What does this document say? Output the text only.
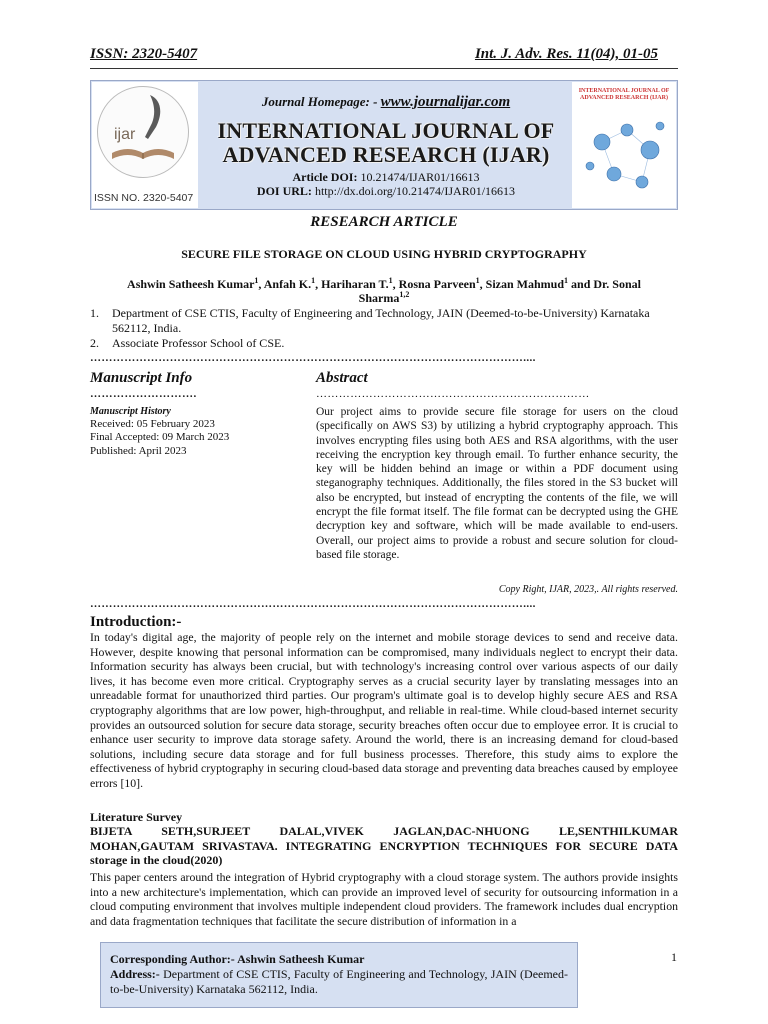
ISSN: 2320-5407	Int. J. Adv. Res. 11(04), 01-05
ijar
ISSN NO. 2320-5407
Journal Homepage: - www.journalijar.com
INTERNATIONAL JOURNAL OF
ADVANCED RESEARCH (IJAR)
Article DOI: 10.21474/IJAR01/16613
DOI URL: http://dx.doi.org/10.21474/IJAR01/16613
INTERNATIONAL JOURNAL OF ADVANCED RESEARCH (IJAR)
RESEARCH ARTICLE
SECURE FILE STORAGE ON CLOUD USING HYBRID CRYPTOGRAPHY
Ashwin Satheesh Kumar$^1$, Anfah K.$^1$, Hariharan T.$^1$, Rosna Parveen$^1$, Sizan Mahmud$^1$ and Dr. Sonal
Sharma$^{1,2}$
1. Department of CSE CTIS, Faculty of Engineering and Technology, JAIN (Deemed-to-be-University) Karnataka 562112, India.
2. Associate Professor School of CSE.
……………………………………………………………………………………………………....
Manuscript Info	Abstract
……………………….	………………………………………………………………
Manuscript History
Received: 05 February 2023
Final Accepted: 09 March 2023
Published: April 2023
Our project aims to provide secure file storage for users on the cloud (specifically on AWS S3) by utilizing a hybrid cryptography approach. This involves encrypting files using both AES and RSA algorithms, with the user receiving the encryption key through email. To further enhance security, the key will be hidden behind an image or within a PDF document using steganography techniques. Additionally, the files stored in the S3 bucket will also be encrypted, but instead of encrypting the contents of the file, we will encrypt the file format itself. The file format can be decrypted using the GHE decryption key and software, which will be made available to end-users. Overall, our project aims to provide a robust and secure solution for cloud-based file storage.
Copy Right, IJAR, 2023,. All rights reserved.
……………………………………………………………………………………………………....
Introduction:-
In today's digital age, the majority of people rely on the internet and mobile storage devices to send and receive data. However, despite knowing that personal information can be compromised, many individuals neglect to encrypt their data. Information security has always been crucial, but with technology's increasing control over various aspects of our daily lives, it has become even more critical. Cryptography serves as a crucial security layer by translating messages into an unreadable format for unauthorized third parties. Our program's ultimate goal is to develop highly secure AES and RSA cryptography algorithms that are low power, high-throughput, and reliable in real-time. While cloud-based internet security provides an outsourced solution for secure data storage, security breaches often occur due to employee error. It is crucial to enhance user security to improve data storage safety. Around the world, there is an increasing demand for cloud-based solutions, including secure data storage and for full business processes. Therefore, this study aims to explore the effectiveness of hybrid cryptography in securing cloud-based data storage and preventing data breaches caused by employee errors [10].
Literature Survey
BIJETA SETH,SURJEET DALAL,VIVEK JAGLAN,DAC-NHUONG LE,SENTHILKUMAR MOHAN,GAUTAM SRIVASTAVA. INTEGRATING ENCRYPTION TECHNIQUES FOR SECURE DATA storage in the cloud(2020)
This paper centers around the integration of Hybrid cryptography with a cloud storage system. The authors provide insights into a new architecture's implementation, which can provide an improved level of security for outsourcing information in a cloud computing environment that involves multiple independent cloud providers. The framework includes dual encryption and data fragmentation techniques that facilitate the secure distribution of information in a
1
Corresponding Author:- Ashwin Satheesh Kumar
Address:- Department of CSE CTIS, Faculty of Engineering and Technology, JAIN (Deemed-to-be-University) Karnataka 562112, India.
